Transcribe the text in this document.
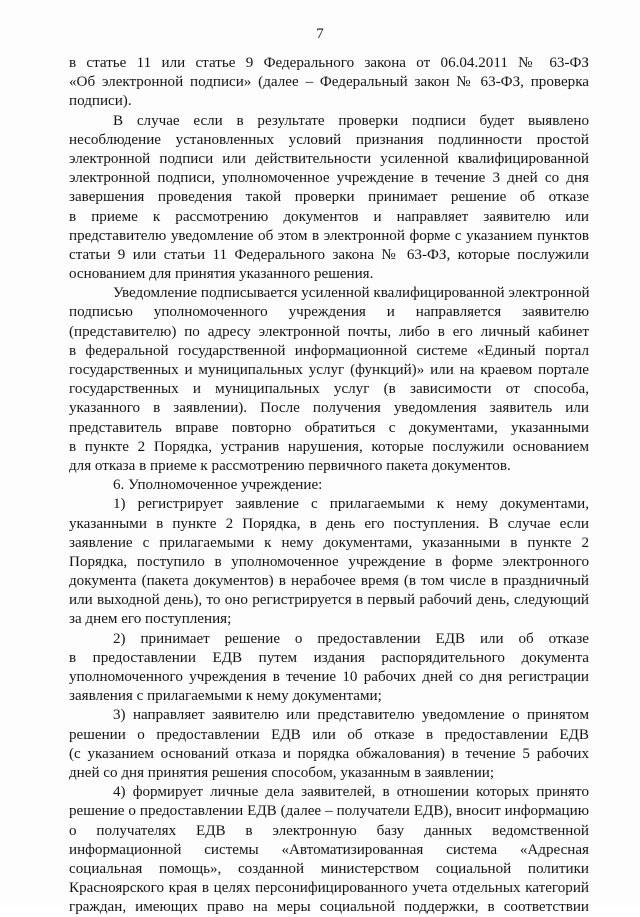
7
в статье 11 или статье 9 Федерального закона от 06.04.2011 № 63-ФЗ
«Об электронной подписи» (далее – Федеральный закон № 63-ФЗ, проверка
подписи).
В случае если в результате проверки подписи будет выявлено
несоблюдение установленных условий признания подлинности простой
электронной подписи или действительности усиленной квалифицированной
электронной подписи, уполномоченное учреждение в течение 3 дней со дня
завершения проведения такой проверки принимает решение об отказе
в приеме к рассмотрению документов и направляет заявителю или
представителю уведомление об этом в электронной форме с указанием пунктов
статьи 9 или статьи 11 Федерального закона № 63-ФЗ, которые послужили
основанием для принятия указанного решения.
Уведомление подписывается усиленной квалифицированной электронной
подписью уполномоченного учреждения и направляется заявителю
(представителю) по адресу электронной почты, либо в его личный кабинет
в федеральной государственной информационной системе «Единый портал
государственных и муниципальных услуг (функций)» или на краевом портале
государственных и муниципальных услуг (в зависимости от способа,
указанного в заявлении). После получения уведомления заявитель или
представитель вправе повторно обратиться с документами, указанными
в пункте 2 Порядка, устранив нарушения, которые послужили основанием
для отказа в приеме к рассмотрению первичного пакета документов.
6. Уполномоченное учреждение:
1) регистрирует заявление с прилагаемыми к нему документами,
указанными в пункте 2 Порядка, в день его поступления. В случае если
заявление с прилагаемыми к нему документами, указанными в пункте 2
Порядка, поступило в уполномоченное учреждение в форме электронного
документа (пакета документов) в нерабочее время (в том числе в праздничный
или выходной день), то оно регистрируется в первый рабочий день, следующий
за днем его поступления;
2) принимает решение о предоставлении ЕДВ или об отказе
в предоставлении ЕДВ путем издания распорядительного документа
уполномоченного учреждения в течение 10 рабочих дней со дня регистрации
заявления с прилагаемыми к нему документами;
3) направляет заявителю или представителю уведомление о принятом
решении о предоставлении ЕДВ или об отказе в предоставлении ЕДВ
(с указанием оснований отказа и порядка обжалования) в течение 5 рабочих
дней со дня принятия решения способом, указанным в заявлении;
4) формирует личные дела заявителей, в отношении которых принято
решение о предоставлении ЕДВ (далее – получатели ЕДВ), вносит информацию
о получателях ЕДВ в электронную базу данных ведомственной
информационной системы «Автоматизированная система «Адресная
социальная помощь», созданной министерством социальной политики
Красноярского края в целях персонифицированного учета отдельных категорий
граждан, имеющих право на меры социальной поддержки, в соответствии
